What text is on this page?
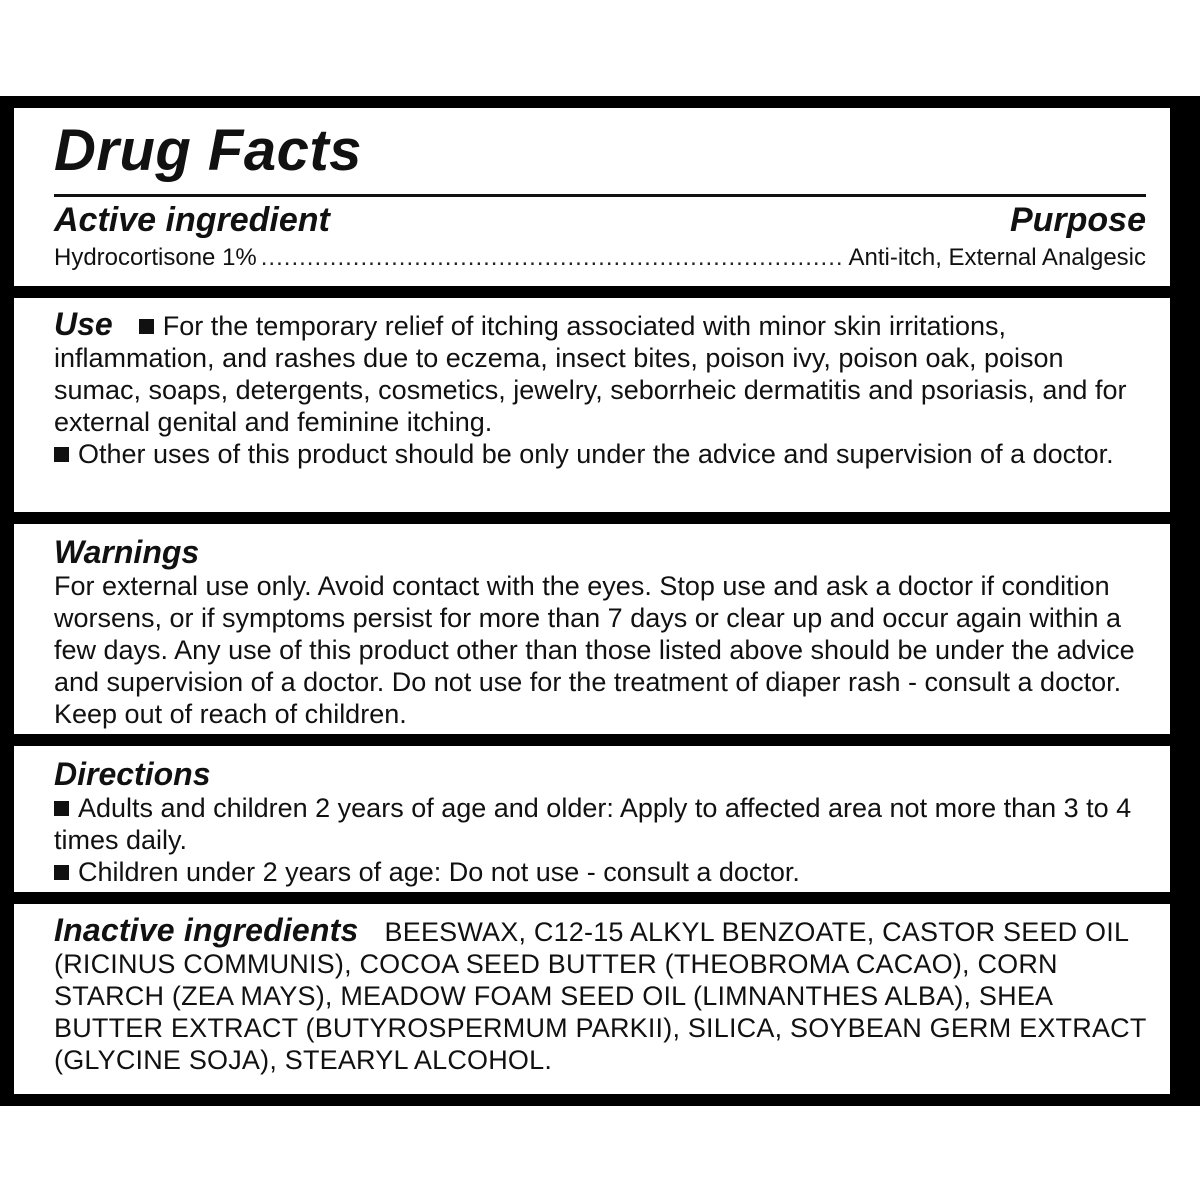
Drug Facts
Active ingredient	Purpose
Hydrocortisone 1%
.....	Anti-itch, External Analgesic

Use For the temporary relief of itching associated with minor skin irritations, inflammation, and rashes due to eczema, insect bites, poison ivy, poison oak, poison sumac, soaps, detergents, cosmetics, jewelry, seborrheic dermatitis and psoriasis, and for external genital and feminine itching.

Other uses of this product should be only under the advice and supervision of a doctor.

Warnings

For external use only. Avoid contact with the eyes. Stop use and ask a doctor if condition worsens, or if symptoms persist for more than 7 days or clear up and occur again within a few days. Any use of this product other than those listed above should be under the advice and supervision of a doctor. Do not use for the treatment of diaper rash - consult a doctor. Keep out of reach of children.

Directions

Adults and children 2 years of age and older: Apply to affected area not more than 3 to 4 times daily.

Children under 2 years of age: Do not use - consult a doctor.

Inactive ingredients BEESWAX, C12-15 ALKYL BENZOATE, CASTOR SEED OIL (RICINUS COMMUNIS), COCOA SEED BUTTER (THEOBROMA CACAO), CORN STARCH (ZEA MAYS), MEADOW FOAM SEED OIL (LIMNANTHES ALBA), SHEA BUTTER EXTRACT (BUTYROSPERMUM PARKII), SILICA, SOYBEAN GERM EXTRACT (GLYCINE SOJA), STEARYL ALCOHOL.
